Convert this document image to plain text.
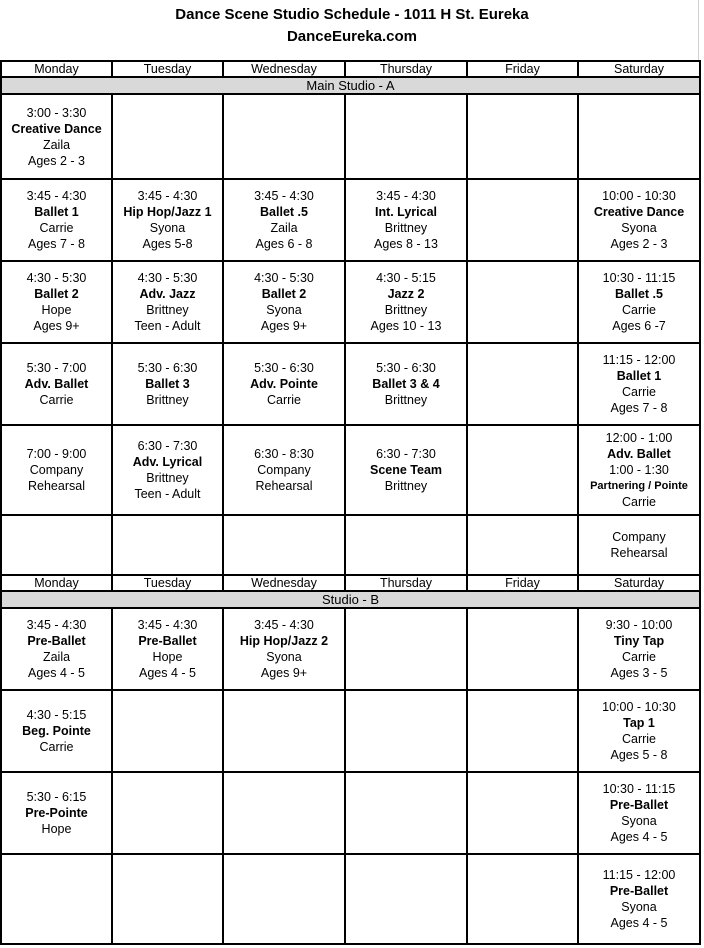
Dance Scene Studio Schedule - 1011 H St. Eureka
DanceEureka.com
Monday	Tuesday	Wednesday	Thursday	Friday	Saturday
Main Studio - A					

3:00 - 3:30
Creative Dance
Zaila
Ages 2 - 3					

3:45 - 4:30
Ballet 1
Carrie
Ages 7 - 8	3:45 - 4:30
Hip Hop/Jazz 1
Syona
Ages 5-8	3:45 - 4:30
Ballet .5
Zaila
Ages 6 - 8	3:45 - 4:30
Int. Lyrical
Brittney
Ages 8 - 13		10:00 - 10:30
Creative Dance
Syona
Ages 2 - 3

4:30 - 5:30
Ballet 2
Hope
Ages 9+	4:30 - 5:30
Adv. Jazz
Brittney
Teen - Adult	4:30 - 5:30
Ballet 2
Syona
Ages 9+	4:30 - 5:15
Jazz 2
Brittney
Ages 10 - 13		10:30 - 11:15
Ballet .5
Carrie
Ages 6 -7

5:30 - 7:00
Adv. Ballet
Carrie	5:30 - 6:30
Ballet 3
Brittney	5:30 - 6:30
Adv. Pointe
Carrie	5:30 - 6:30
Ballet 3 & 4
Brittney		11:15 - 12:00
Ballet 1
Carrie
Ages 7 - 8

7:00 - 9:00
Company
Rehearsal	6:30 - 7:30
Adv. Lyrical
Brittney
Teen - Adult	6:30 - 8:30
Company
Rehearsal	6:30 - 7:30
Scene Team
Brittney		12:00 - 1:00
Adv. Ballet
1:00 - 1:30
Partnering / Pointe
Carrie

					Company
Rehearsal

Monday	Tuesday	Wednesday	Thursday	Friday	Saturday
Studio - B					

3:45 - 4:30
Pre-Ballet
Zaila
Ages 4 - 5	3:45 - 4:30
Pre-Ballet
Hope
Ages 4 - 5	3:45 - 4:30
Hip Hop/Jazz 2
Syona
Ages 9+			9:30 - 10:00
Tiny Tap
Carrie
Ages 3 - 5

4:30 - 5:15
Beg. Pointe
Carrie					10:00 - 10:30
Tap 1
Carrie
Ages 5 - 8

5:30 - 6:15
Pre-Pointe
Hope					10:30 - 11:15
Pre-Ballet
Syona
Ages 4 - 5

					11:15 - 12:00
Pre-Ballet
Syona
Ages 4 - 5
